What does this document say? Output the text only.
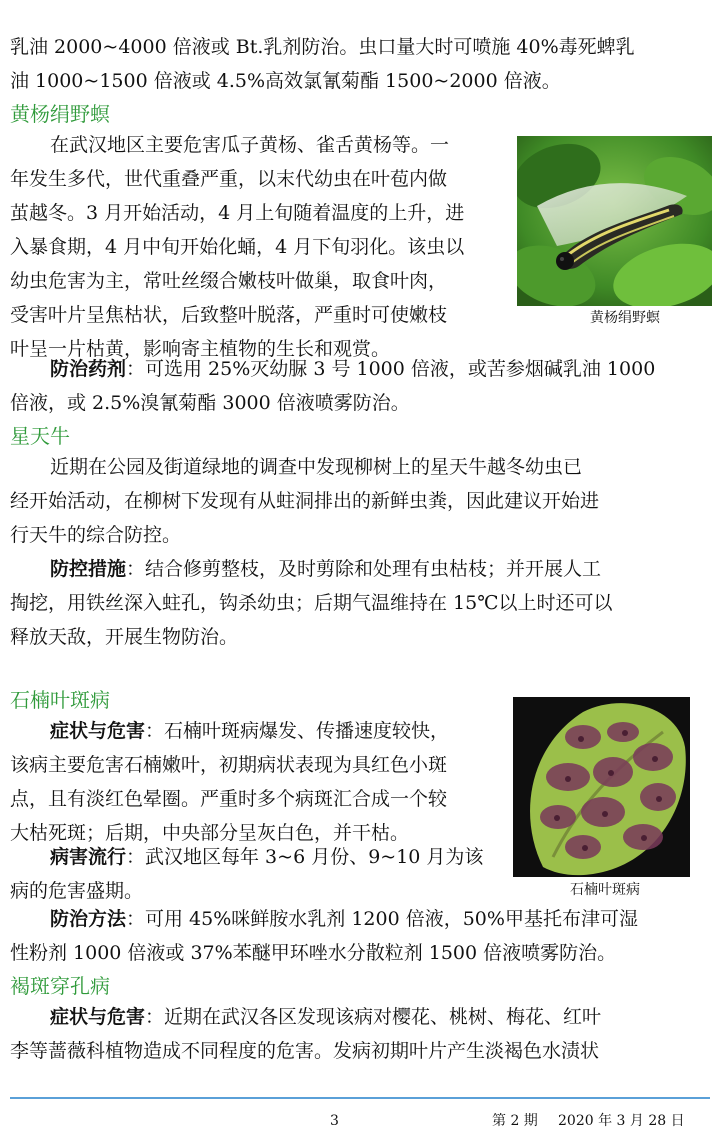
乳油 2000~4000 倍液或 Bt.乳剂防治。虫口量大时可喷施 40%毒死蜱乳
油 1000~1500 倍液或 4.5%高效氯氰菊酯 1500~2000 倍液。
黄杨绢野螟
在武汉地区主要危害瓜子黄杨、雀舌黄杨等。一
年发生多代，世代重叠严重，以末代幼虫在叶苞内做
茧越冬。3 月开始活动，4 月上旬随着温度的上升，进
入暴食期，4 月中旬开始化蛹，4 月下旬羽化。该虫以
幼虫危害为主，常吐丝缀合嫩枝叶做巢，取食叶肉，
受害叶片呈焦枯状，后致整叶脱落，严重时可使嫩枝
叶呈一片枯黄，影响寄主植物的生长和观赏。
防治药剂：可选用 25%灭幼脲 3 号 1000 倍液，或苦参烟碱乳油 1000
倍液，或 2.5%溴氰菊酯 3000 倍液喷雾防治。
黄杨绢野螟
星天牛
近期在公园及街道绿地的调查中发现柳树上的星天牛越冬幼虫已
经开始活动，在柳树下发现有从蛀洞排出的新鲜虫粪，因此建议开始进
行天牛的综合防控。
防控措施：结合修剪整枝，及时剪除和处理有虫枯枝；并开展人工
掏挖，用铁丝深入蛀孔，钩杀幼虫；后期气温维持在 15℃以上时还可以
释放天敌，开展生物防治。
石楠叶斑病
症状与危害：石楠叶斑病爆发、传播速度较快，
该病主要危害石楠嫩叶，初期病状表现为具红色小斑
点，且有淡红色晕圈。严重时多个病斑汇合成一个较
大枯死斑；后期，中央部分呈灰白色，并干枯。
病害流行：武汉地区每年 3~6 月份、9~10 月为该
病的危害盛期。
防治方法：可用 45%咪鲜胺水乳剂 1200 倍液，50%甲基托布津可湿
性粉剂 1000 倍液或 37%苯醚甲环唑水分散粒剂 1500 倍液喷雾防治。
石楠叶斑病
褐斑穿孔病
症状与危害：近期在武汉各区发现该病对樱花、桃树、梅花、红叶
李等蔷薇科植物造成不同程度的危害。发病初期叶片产生淡褐色水渍状
3	第 2 期 2020 年 3 月 28 日
